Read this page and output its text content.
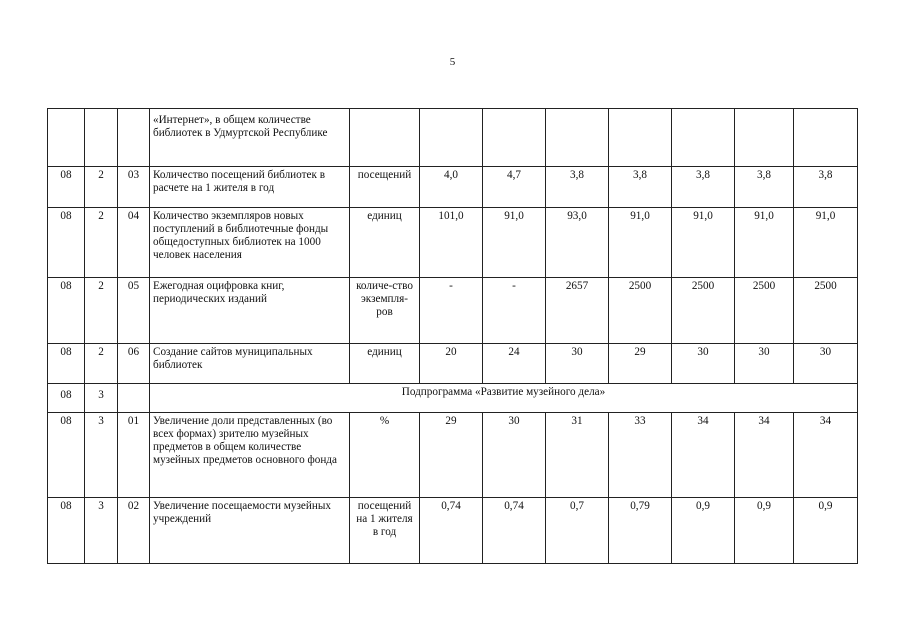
5
			«Интернет», в общем количестве библиотек в Удмуртской Республике								
08	2	03	Количество посещений библиотек в расчете на 1 жителя в год	посещений	4,0	4,7	3,8	3,8	3,8	3,8	3,8
08	2	04	Количество экземпляров новых поступлений в библиотечные фонды общедоступных библиотек на 1000 человек населения	единиц	101,0	91,0	93,0	91,0	91,0	91,0	91,0
08	2	05	Ежегодная оцифровка книг, периодических изданий	количе-ство экземпля-ров	-	-	2657	2500	2500	2500	2500
08	2	06	Создание сайтов муниципальных библиотек	единиц	20	24	30	29	30	30	30
08	3		Подпрограмма «Развитие музейного дела»								
08	3	01	Увеличение доли представленных (во всех формах) зрителю музейных предметов в общем количестве музейных предметов основного фонда	%	29	30	31	33	34	34	34
08	3	02	Увеличение посещаемости музейных учреждений	посещений на 1 жителя в год	0,74	0,74	0,7	0,79	0,9	0,9	0,9
